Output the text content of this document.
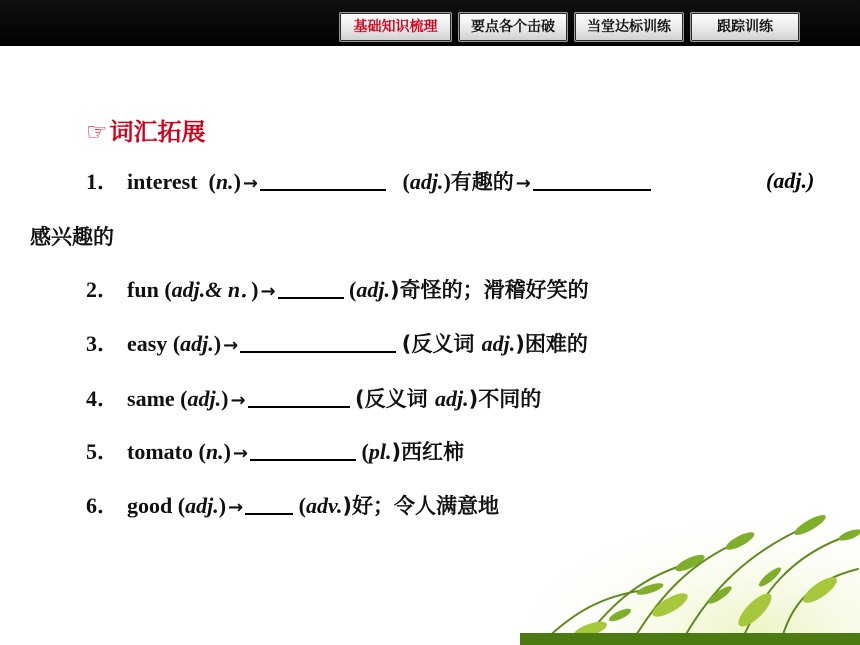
基础知识梳理	要点各个击破	当堂达标训练	跟踪训练
☞词汇拓展
1． interest  (n.) →	(adj.)有趣的 →	(adj.)
感兴趣的
2． fun (adj.& n．) →	(adj.)奇怪的；滑稽好笑的
3． easy (adj.) →	(反义词 adj.)困难的
4． same (adj.) →	(反义词 adj.)不同的
5． tomato (n.) →	(pl.)西红柿
6． good (adj.) → (adv.)好；令人满意地
